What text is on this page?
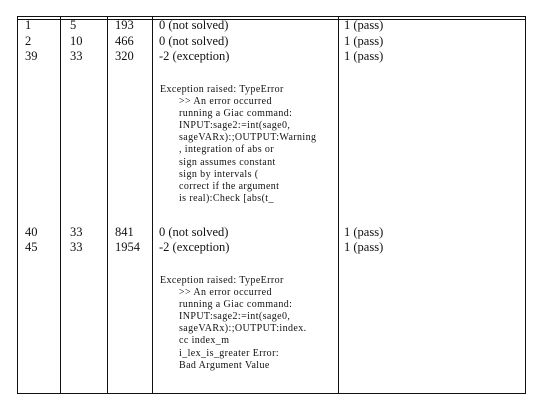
1	5	193 0 (not solved)	1 (pass)
2	10	466 0 (not solved)	1 (pass)
39	33	320 -2 (exception)	1 (pass)
Exception raised: TypeError
>> An error occurred
running a Giac command:
INPUT:sage2:=int(sage0,
sageVARx):;OUTPUT:Warning
, integration of abs or
sign assumes constant
sign by intervals (
correct if the argument
is real):Check [abs(t_
40	33	841 0 (not solved)	1 (pass)
45	33	1954 -2 (exception)	1 (pass)
Exception raised: TypeError
>> An error occurred
running a Giac command:
INPUT:sage2:=int(sage0,
sageVARx):;OUTPUT:index.
cc index_m
i_lex_is_greater Error:
Bad Argument Value
